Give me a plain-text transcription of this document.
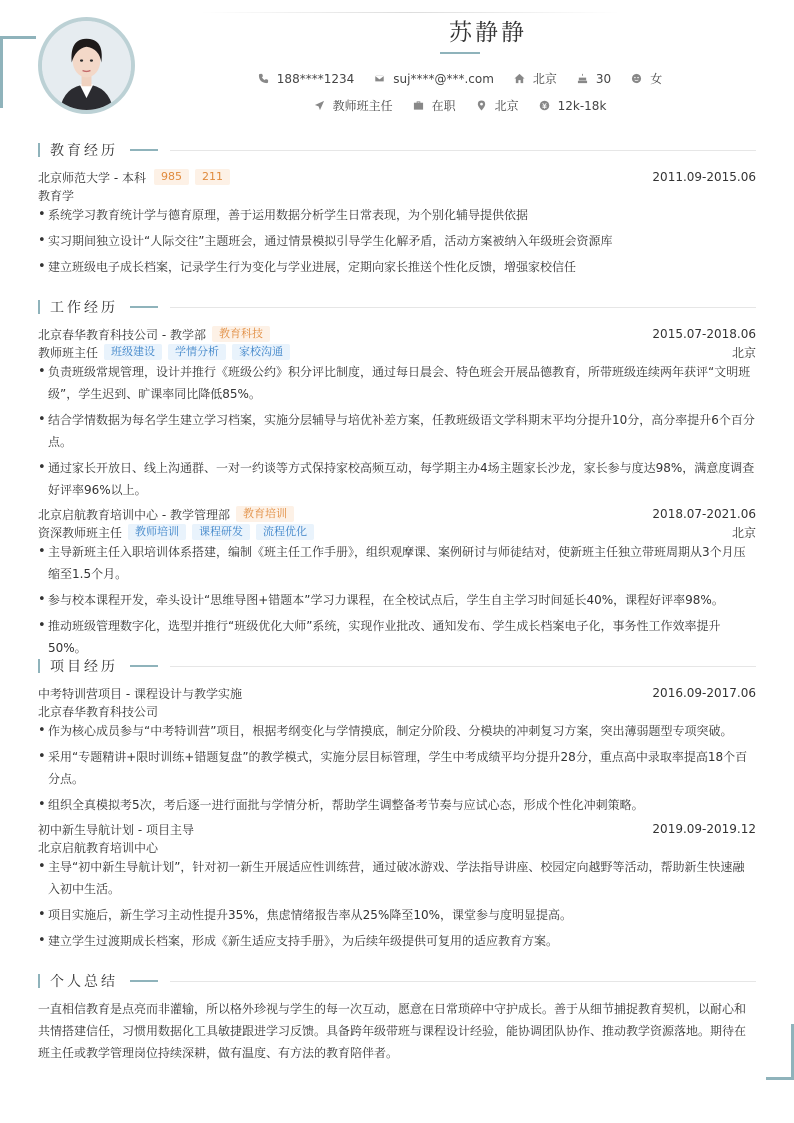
苏静静
188****1234	suj****@***.com	北京	30	女
教师班主任	在职	北京	12k-18k
教育经历
北京师范大学 - 本科	985	211	2011.09-2015.06
教育学
• 系统学习教育统计学与德育原理，善于运用数据分析学生日常表现，为个别化辅导提供依据
• 实习期间独立设计“人际交往”主题班会，通过情景模拟引导学生化解矛盾，活动方案被纳入年级班会资源库
• 建立班级电子成长档案，记录学生行为变化与学业进展，定期向家长推送个性化反馈，增强家校信任
工作经历
北京春华教育科技公司 - 教学部	教育科技	2015.07-2018.06
教师班主任	班级建设	学情分析	家校沟通	北京
• 负责班级常规管理，设计并推行《班级公约》积分评比制度，通过每日晨会、特色班会开展品德教育，所带班级连续两年获评“文明班级”，学生迟到、旷课率同比降低85%。
• 结合学情数据为每名学生建立学习档案，实施分层辅导与培优补差方案，任教班级语文学科期末平均分提升10分，高分率提升6个百分点。
• 通过家长开放日、线上沟通群、一对一约谈等方式保持家校高频互动，每学期主办4场主题家长沙龙，家长参与度达98%，满意度调查好评率96%以上。
北京启航教育培训中心 - 教学管理部	教育培训	2018.07-2021.06
资深教师班主任	教师培训	课程研发	流程优化	北京
• 主导新班主任入职培训体系搭建，编制《班主任工作手册》，组织观摩课、案例研讨与师徒结对，使新班主任独立带班周期从3个月压缩至1.5个月。
• 参与校本课程开发，牵头设计“思维导图+错题本”学习力课程，在全校试点后，学生自主学习时间延长40%，课程好评率98%。
• 推动班级管理数字化，选型并推行“班级优化大师”系统，实现作业批改、通知发布、学生成长档案电子化，事务性工作效率提升50%。
项目经历
中考特训营项目 - 课程设计与教学实施	2016.09-2017.06
北京春华教育科技公司
• 作为核心成员参与“中考特训营”项目，根据考纲变化与学情摸底，制定分阶段、分模块的冲刺复习方案，突出薄弱题型专项突破。
• 采用“专题精讲+限时训练+错题复盘”的教学模式，实施分层目标管理，学生中考成绩平均分提升28分，重点高中录取率提高18个百分点。
• 组织全真模拟考5次，考后逐一进行面批与学情分析，帮助学生调整备考节奏与应试心态，形成个性化冲刺策略。
初中新生导航计划 - 项目主导	2019.09-2019.12
北京启航教育培训中心
• 主导“初中新生导航计划”，针对初一新生开展适应性训练营，通过破冰游戏、学法指导讲座、校园定向越野等活动，帮助新生快速融入初中生活。
• 项目实施后，新生学习主动性提升35%，焦虑情绪报告率从25%降至10%，课堂参与度明显提高。
• 建立学生过渡期成长档案，形成《新生适应支持手册》，为后续年级提供可复用的适应教育方案。
个人总结
一直相信教育是点亮而非灌输，所以格外珍视与学生的每一次互动，愿意在日常琐碎中守护成长。善于从细节捕捉教育契机，以耐心和共情搭建信任，习惯用数据化工具敏捷跟进学习反馈。具备跨年级带班与课程设计经验，能协调团队协作、推动教学资源落地。期待在班主任或教学管理岗位持续深耕，做有温度、有方法的教育陪伴者。
